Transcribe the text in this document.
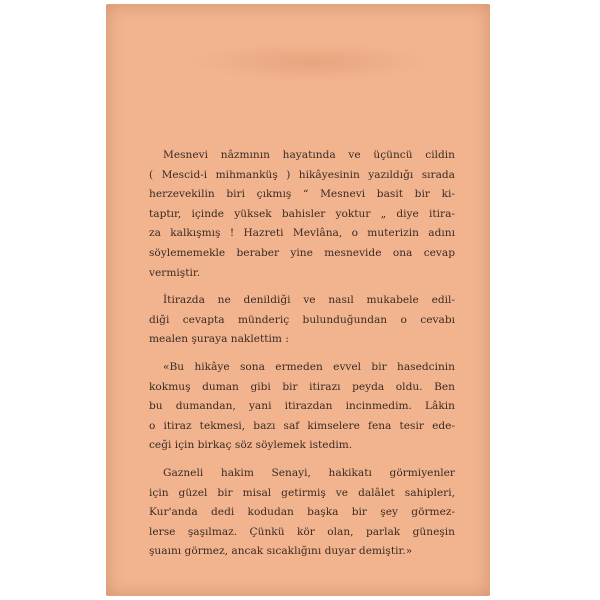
Mesnevi nâzmının hayatında ve üçüncü cildin
( Mescid-i mihmanküş ) hikâyesinin yazıldığı sırada
herzevekilin biri çıkmış “ Mesnevi basit bir ki-
taptır, içinde yüksek bahisler yoktur „ diye itira-
za kalkışmış ! Hazreti Mevlâna, o muterizin adını
söylememekle beraber yine mesnevide ona cevap
vermiştir.
İtirazda ne denildiği ve nasıl mukabele edil-
diği cevapta münderiç bulunduğundan o cevabı
mealen şuraya naklettim :
«Bu hikâye sona ermeden evvel bir hasedcinin
kokmuş duman gibi bir itirazı peyda oldu. Ben
bu dumandan, yani itirazdan incinmedim. Lâkin
o itiraz tekmesi, bazı saf kimselere fena tesir ede-
ceği için birkaç söz söylemek istedim.
Gazneli hakim Senayi, hakikatı görmiyenler
için güzel bir misal getirmiş ve dalâlet sahipleri,
Kur'anda dedi kodudan başka bir şey görmez-
lerse şaşılmaz. Çünkü kör olan, parlak güneşin
şuaını görmez, ancak sıcaklığını duyar demiştir.»
